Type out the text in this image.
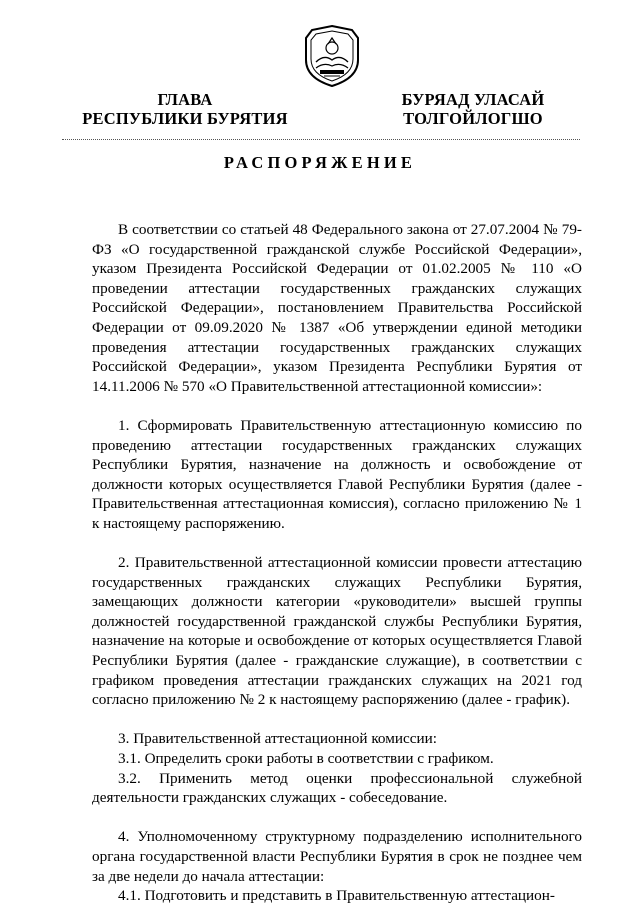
ГЛАВА
РЕСПУБЛИКИ БУРЯТИЯ
БУРЯАД УЛАСАЙ
ТОЛГОЙЛОГШО
РАСПОРЯЖЕНИЕ

В соответствии со статьей 48 Федерального закона от 27.07.2004 № 79-ФЗ «О государственной гражданской службе Российской Федерации», указом Президента Российской Федерации от 01.02.2005 № 110 «О проведении аттестации государственных гражданских служащих Российской Федерации», постановлением Правительства Российской Федерации от 09.09.2020 № 1387 «Об утверждении единой методики проведения аттестации государственных гражданских служащих Российской Федерации», указом Президента Республики Бурятия от 14.11.2006 № 570 «О Правительственной аттестационной комиссии»:

1. Сформировать Правительственную аттестационную комиссию по проведению аттестации государственных гражданских служащих Республики Бурятия, назначение на должность и освобождение от должности которых осуществляется Главой Республики Бурятия (далее - Правительственная аттестационная комиссия), согласно приложению № 1 к настоящему распоряжению.

2. Правительственной аттестационной комиссии провести аттестацию государственных гражданских служащих Республики Бурятия, замещающих должности категории «руководители» высшей группы должностей государственной гражданской службы Республики Бурятия, назначение на которые и освобождение от которых осуществляется Главой Республики Бурятия (далее - гражданские служащие), в соответствии с графиком проведения аттестации гражданских служащих на 2021 год согласно приложению № 2 к настоящему распоряжению (далее - график).

3. Правительственной аттестационной комиссии:

3.1. Определить сроки работы в соответствии с графиком.

3.2. Применить метод оценки профессиональной служебной деятельности гражданских служащих - собеседование.

4. Уполномоченному структурному подразделению исполнительного органа государственной власти Республики Бурятия в срок не позднее чем за две недели до начала аттестации:

4.1. Подготовить и представить в Правительственную аттестацион-
